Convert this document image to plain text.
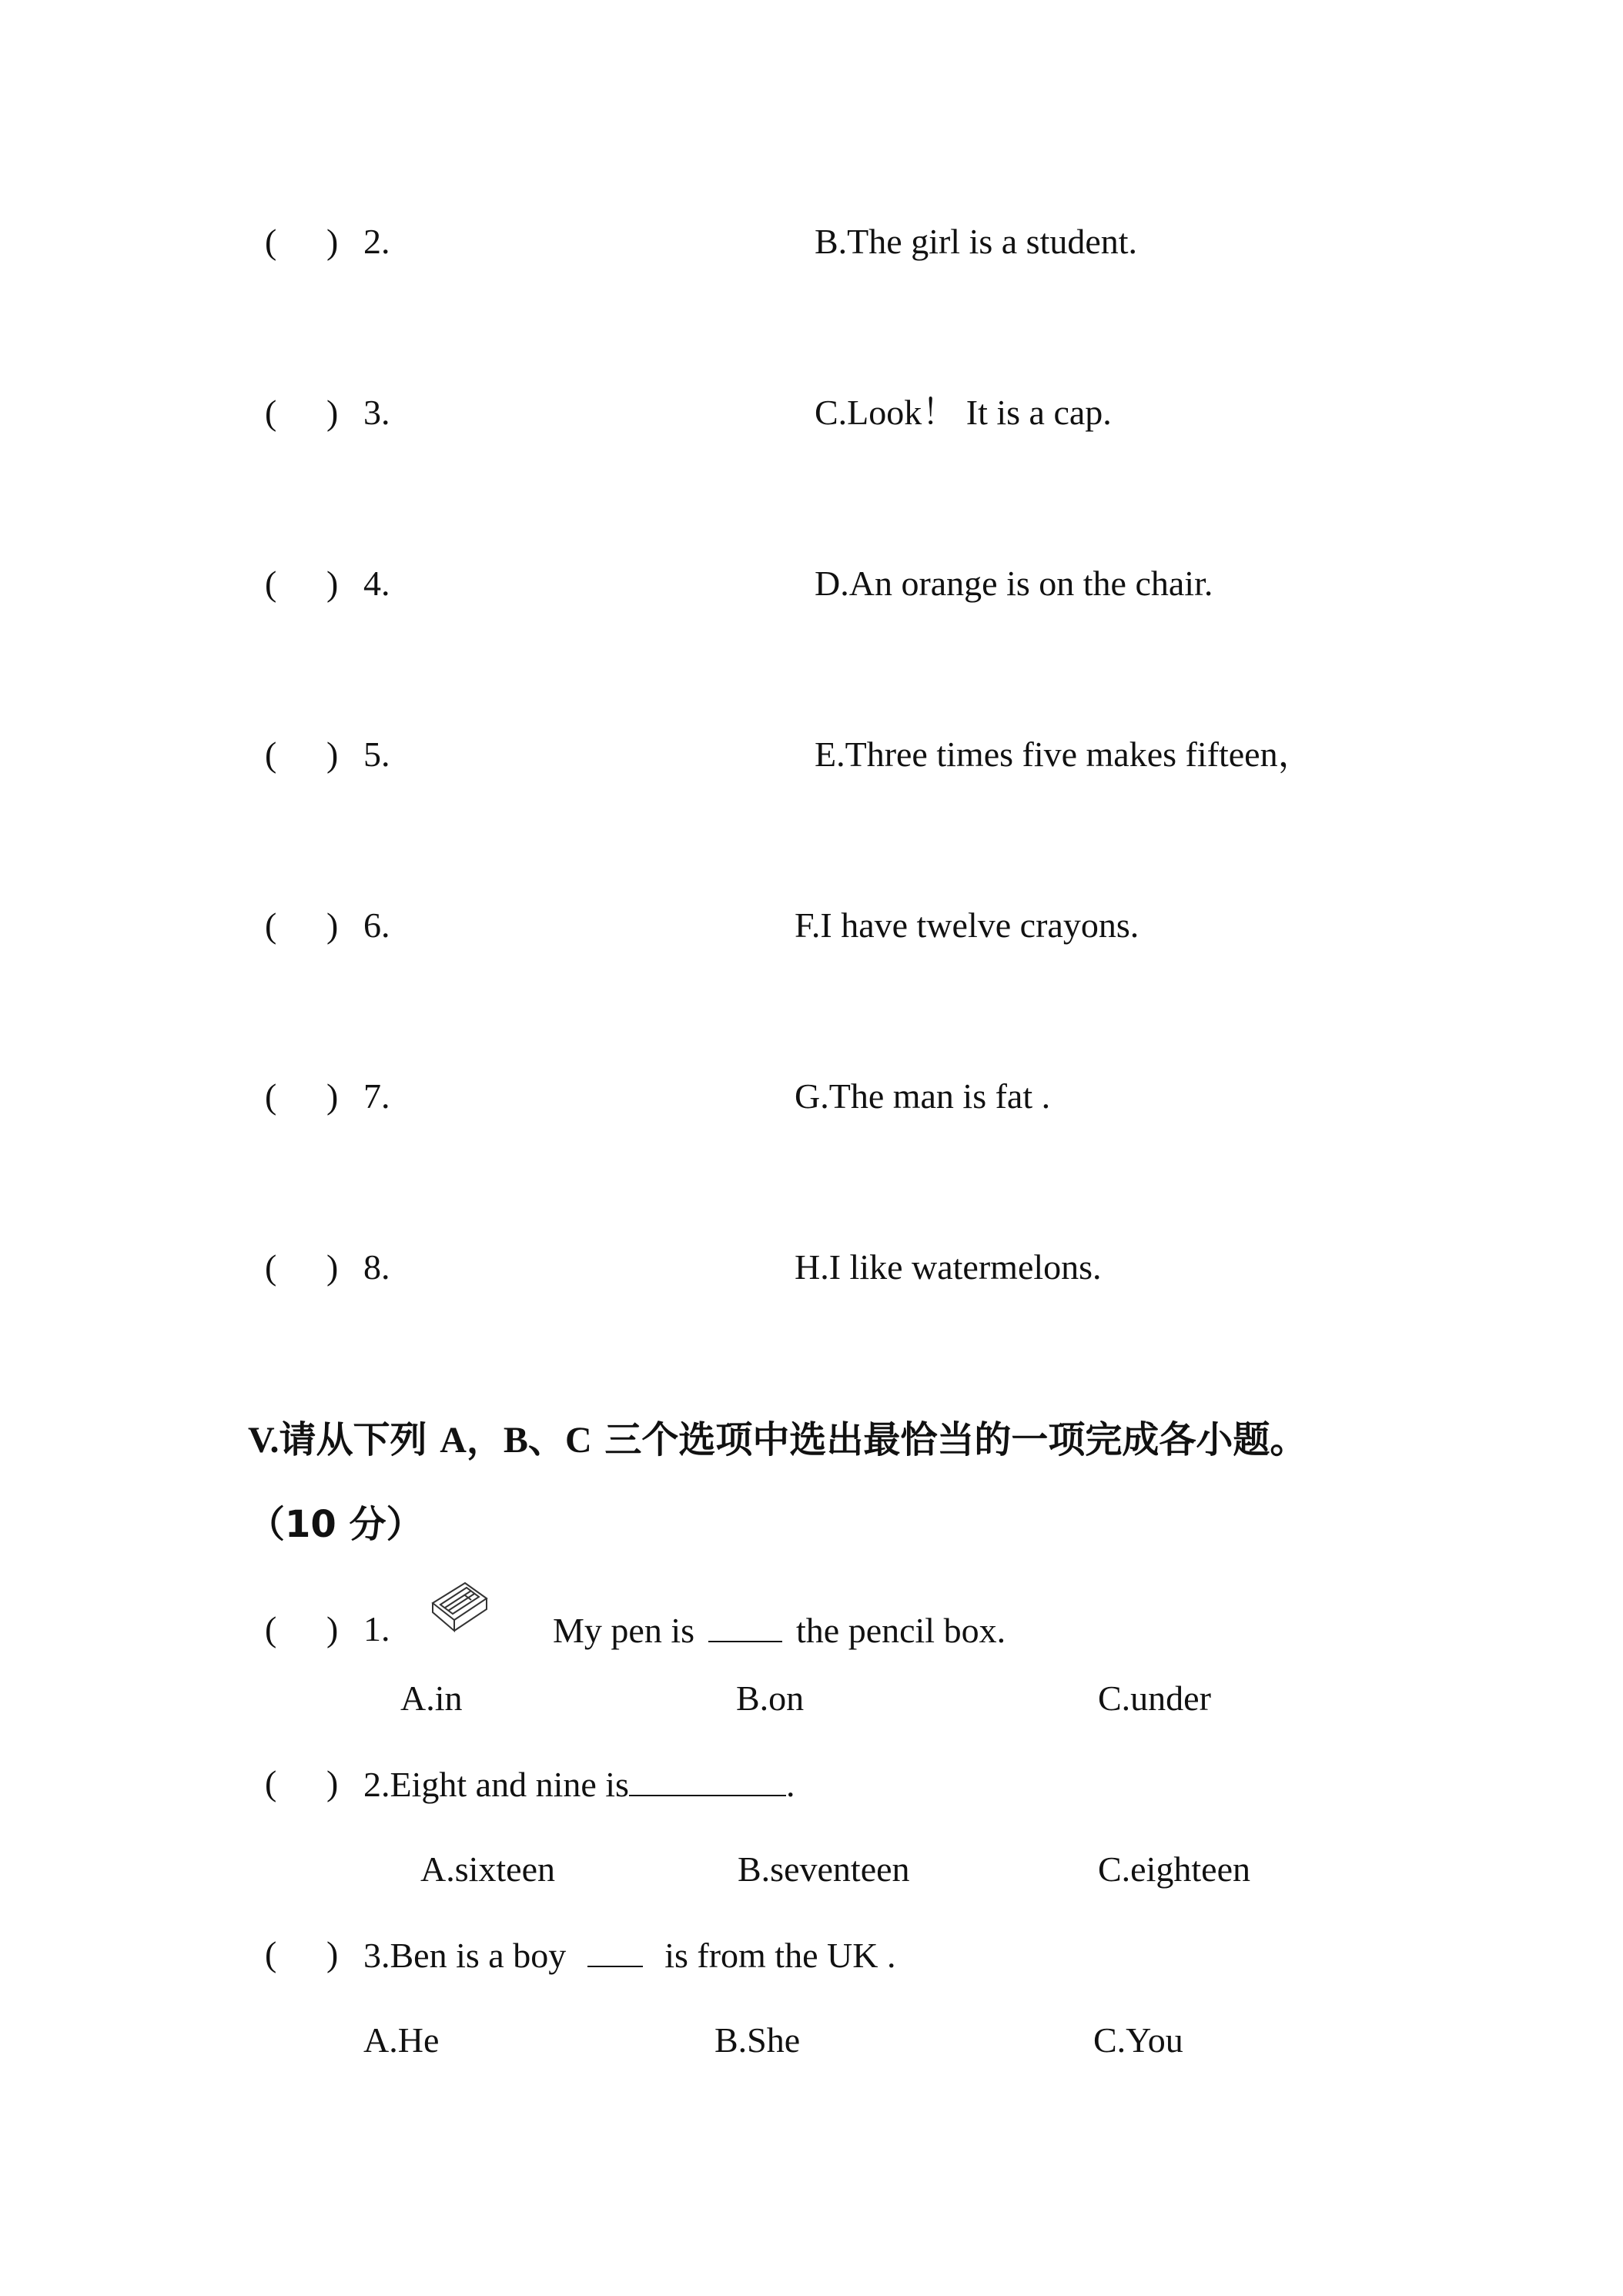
( ) 2.	B.The girl is a student.
( ) 3.	C.Look！ It is a cap.
( ) 4.	D.An orange is on the chair.
( ) 5.	E.Three times five makes fifteen，
( ) 6.	F.I have twelve crayons.
( ) 7.	G.The man is fat .
( ) 8.	H.I like watermelons.
V.请从下列 A，B、C 三个选项中选出最恰当的一项完成各小题。
（10 分）
( ) 1.	My pen is	the pencil box.
A.in	B.on	C.under
( ) 2.Eight and nine is	.
A.sixteen	B.seventeen	C.eighteen
( ) 3.Ben is a boy	is from the UK .
A.He	B.She	C.You
